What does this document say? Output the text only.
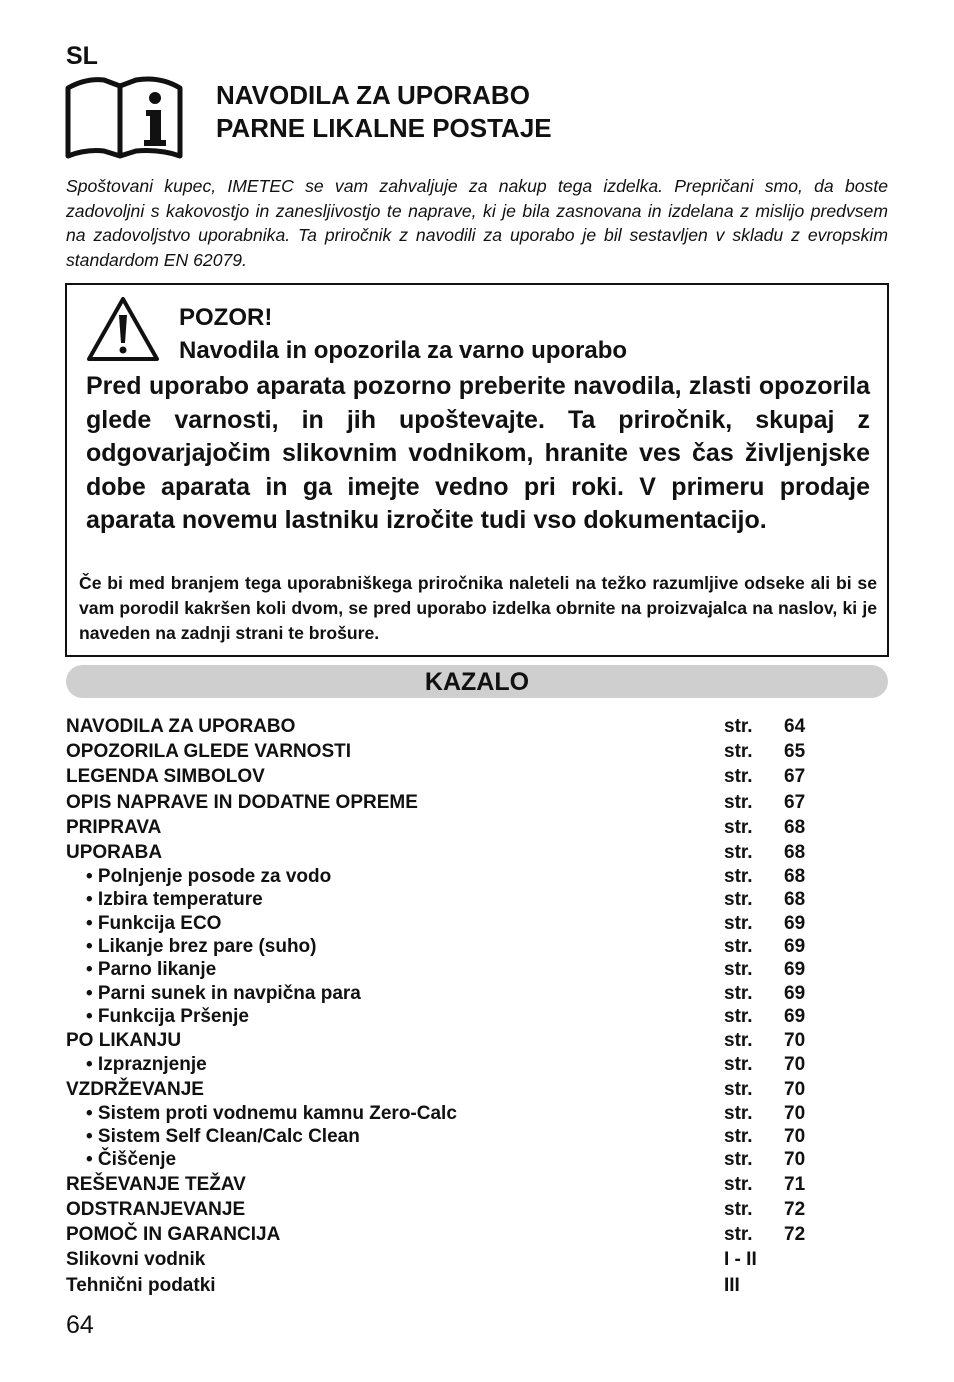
SL
NAVODILA ZA UPORABO
PARNE LIKALNE POSTAJE
Spoštovani kupec, IMETEC se vam zahvaljuje za nakup tega izdelka. Prepričani smo, da boste zadovoljni s kakovostjo in zanesljivostjo te naprave, ki je bila zasnovana in izdelana z mislijo predvsem na zadovoljstvo uporabnika. Ta priročnik z navodili za uporabo je bil sestavljen v skladu z evropskim standardom EN 62079.
POZOR!
Navodila in opozorila za varno uporabo
Pred uporabo aparata pozorno preberite navodila, zlasti opozorila glede varnosti, in jih upoštevajte. Ta priročnik, skupaj z odgovarjajočim slikovnim vodnikom, hranite ves čas življenjske dobe aparata in ga imejte vedno pri roki. V primeru prodaje aparata novemu lastniku izročite tudi vso dokumentacijo.
Če bi med branjem tega uporabniškega priročnika naleteli na težko razumljive odseke ali bi se vam porodil kakršen koli dvom, se pred uporabo izdelka obrnite na proizvajalca na naslov, ki je naveden na zadnji strani te brošure.
KAZALO
NAVODILA ZA UPORABO	str. 64
OPOZORILA GLEDE VARNOSTI	str. 65
LEGENDA SIMBOLOV	str. 67
OPIS NAPRAVE IN DODATNE OPREME	str. 67
PRIPRAVA	str. 68
UPORABA	str. 68
• Polnjenje posode za vodo	str. 68
• Izbira temperature	str. 68
• Funkcija ECO	str. 69
• Likanje brez pare (suho)	str. 69
• Parno likanje	str. 69
• Parni sunek in navpična para	str. 69
• Funkcija Pršenje	str. 69
PO LIKANJU	str. 70
• Izpraznjenje	str. 70
VZDRŽEVANJE	str. 70
• Sistem proti vodnemu kamnu Zero-Calc	str. 70
• Sistem Self Clean/Calc Clean	str. 70
• Čiščenje	str. 70
REŠEVANJE TEŽAV	str. 71
ODSTRANJEVANJE	str. 72
POMOČ IN GARANCIJA	str. 72
Slikovni vodnik	I - II
Tehnični podatki	III
64
